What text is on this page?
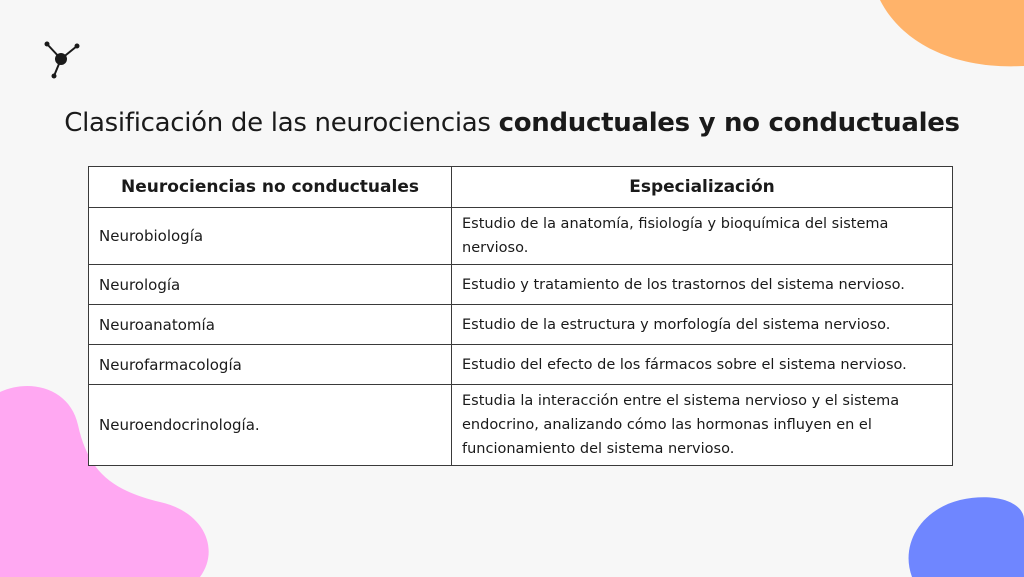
Clasificación de las neurociencias conductuales y no conductuales
Neurociencias no conductuales	Especialización
Neurobiología	Estudio de la anatomía, fisiología y bioquímica del sistema nervioso.
Neurología	Estudio y tratamiento de los trastornos del sistema nervioso.
Neuroanatomía	Estudio de la estructura y morfología del sistema nervioso.
Neurofarmacología	Estudio del efecto de los fármacos sobre el sistema nervioso.
Neuroendocrinología.	Estudia la interacción entre el sistema nervioso y el sistema endocrino, analizando cómo las hormonas influyen en el funcionamiento del sistema nervioso.
